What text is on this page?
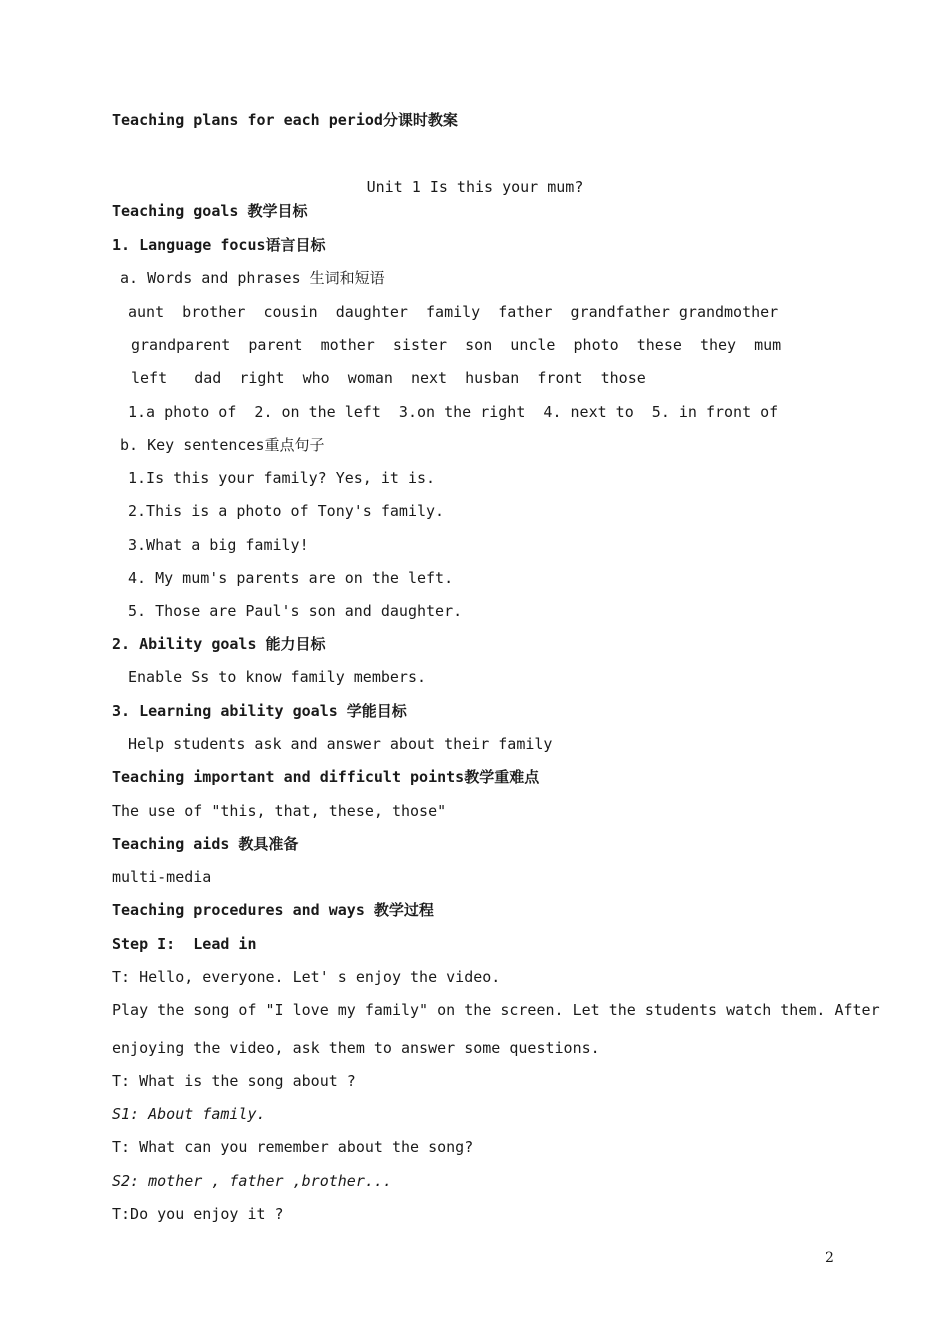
Teaching plans for each period分课时教案
Unit 1 Is this your mum?
Teaching goals 教学目标
1. Language focus语言目标
a. Words and phrases 生词和短语
aunt  brother  cousin  daughter  family  father  grandfather grandmother
grandparent  parent  mother  sister  son  uncle  photo  these  they  mum
left   dad  right  who  woman  next  husban  front  those
1.a photo of  2. on the left  3.on the right  4. next to  5. in front of
b. Key sentences重点句子
1.Is this your family? Yes, it is.
2.This is a photo of Tony's family.
3.What a big family!
4. My mum's parents are on the left.
5. Those are Paul's son and daughter.
2. Ability goals 能力目标
Enable Ss to know family members.
3. Learning ability goals 学能目标
Help students ask and answer about their family
Teaching important and difficult points教学重难点
The use of "this, that, these, those"
Teaching aids 教具准备
multi-media
Teaching procedures and ways 教学过程
Step I:  Lead in
T: Hello, everyone. Let' s enjoy the video.
Play the song of "I love my family" on the screen. Let the students watch them. After
enjoying the video, ask them to answer some questions.
T: What is the song about ?
S1: About family.
T: What can you remember about the song?
S2: mother , father ,brother...
T:Do you enjoy it ?
2
